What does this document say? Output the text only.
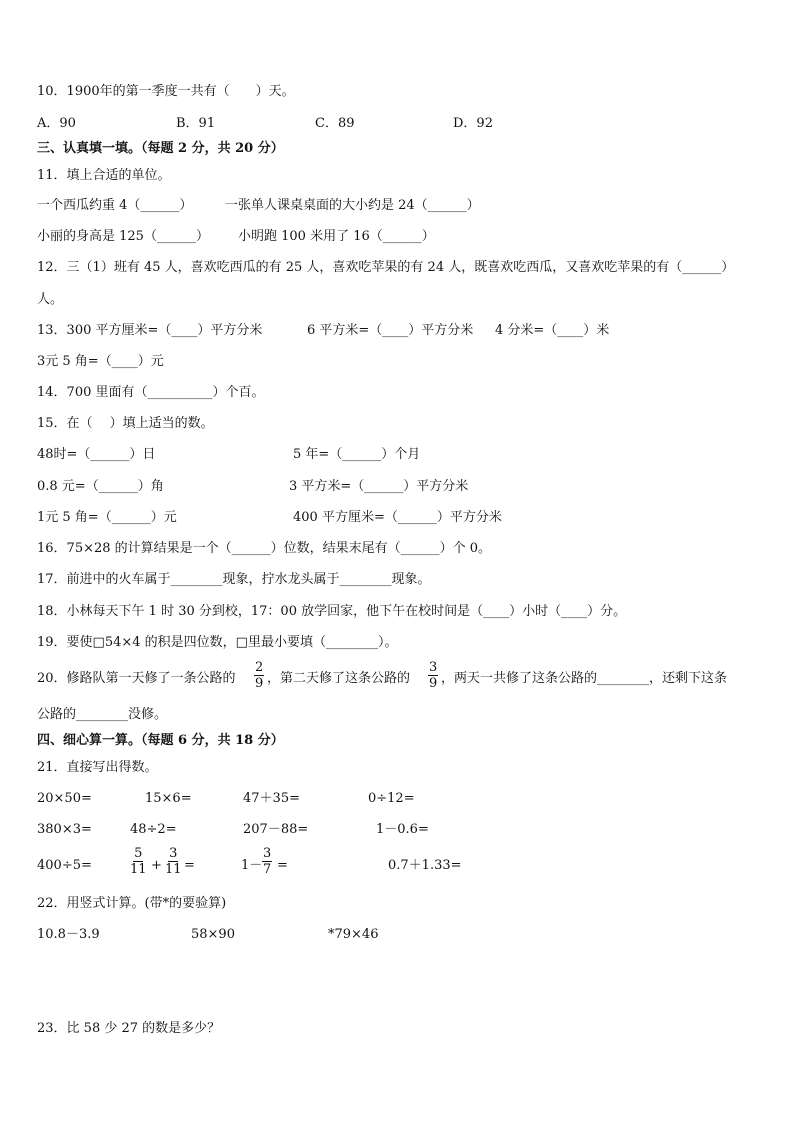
10．1900年的第一季度一共有（　　）天。
A．90	B．91	C．89	D．92
三、认真填一填。（每题 2 分，共 20 分）
11．填上合适的单位。
一个西瓜约重 4（______）	一张单人课桌桌面的大小约是 24（______）
小丽的身高是 125（______） 小明跑 100 米用了 16（______）
12．三（1）班有 45 人，喜欢吃西瓜的有 25 人，喜欢吃苹果的有 24 人，既喜欢吃西瓜，又喜欢吃苹果的有（______）
人。
13．300 平方厘米=（____）平方分米	6 平方米=（____）平方分米 4 分米=（____）米
3元 5 角=（____）元
14．700 里面有（__________）个百。
15．在（　 ）填上适当的数。
48时=（______）日	5 年=（______）个月
0.8 元=（______）角	3 平方米=（______）平方分米
1元 5 角=（______）元	400 平方厘米=（______）平方分米
16．75×28 的计算结果是一个（______）位数，结果末尾有（______）个 0。
17．前进中的火车属于________现象，拧水龙头属于________现象。
18．小林每天下午 1 时 30 分到校，17：00 放学回家，他下午在校时间是（____）小时（____）分。
19．要使□54×4 的积是四位数，□里最小要填（________）。
20．修路队第一天修了一条公路的 $\frac{2}{9}$ ，第二天修了这条公路的 $\frac{3}{9}$ ，两天一共修了这条公路的________，还剩下这条
公路的________没修。
四、细心算一算。（每题 6 分，共 18 分）
21．直接写出得数。
20×50=	15×6=	47＋35=	0÷12=
380×3=	48÷2=	207－88=	1－0.6=
400÷5=	$\frac{5}{11} + \frac{3}{11}$ =	$1- \frac{3}{7}$ =	0.7＋1.33=
22．用竖式计算。(带*的要验算)
10.8－3.9	58×90	*79×46
23．比 58 少 27 的数是多少？
